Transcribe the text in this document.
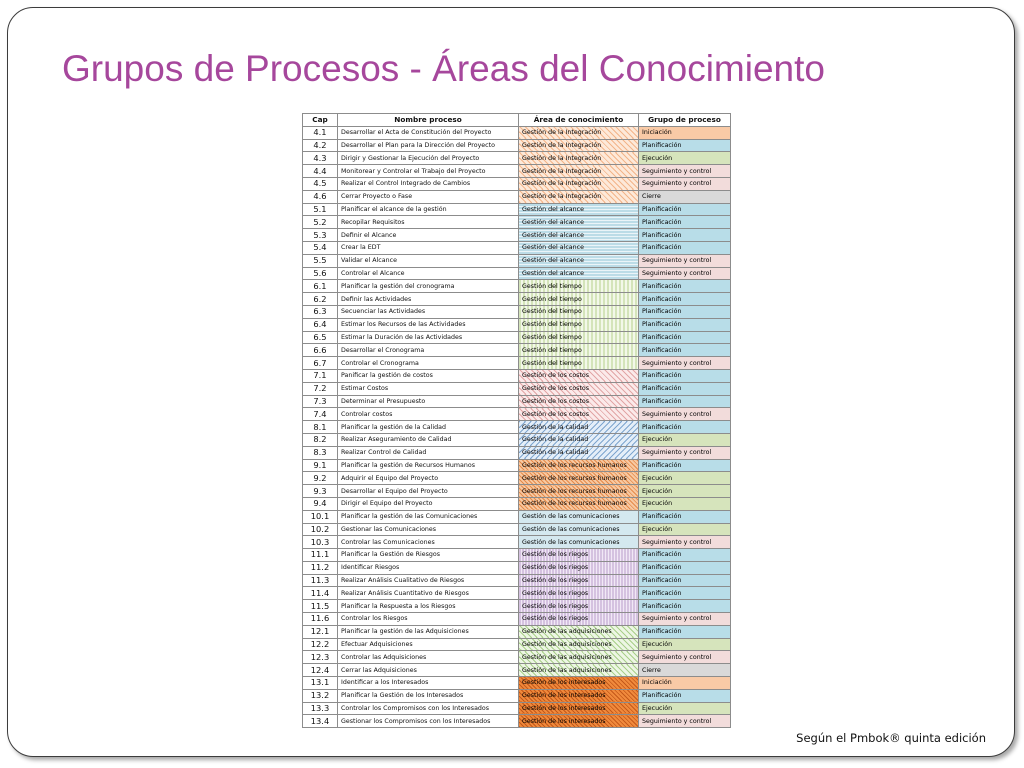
Grupos de Procesos - Áreas del Conocimiento
Cap	Nombre proceso	Área de conocimiento	Grupo de proceso
4.1	Desarrollar el Acta de Constitución del Proyecto	Gestión de la Integración	Iniciación
4.2	Desarrollar el Plan para la Dirección del Proyecto	Gestión de la Integración	Planificación
4.3	Dirigir y Gestionar la Ejecución del Proyecto	Gestión de la Integración	Ejecución
4.4	Monitorear y Controlar el Trabajo del Proyecto	Gestión de la Integración	Seguimiento y control
4.5	Realizar el Control Integrado de Cambios	Gestión de la Integración	Seguimiento y control
4.6	Cerrar Proyecto o Fase	Gestión de la Integración	Cierre
5.1	Planificar el alcance de la gestión	Gestión del alcance	Planificación
5.2	Recopilar Requisitos	Gestión del alcance	Planificación
5.3	Definir el Alcance	Gestión del alcance	Planificación
5.4	Crear la EDT	Gestión del alcance	Planificación
5.5	Validar el Alcance	Gestión del alcance	Seguimiento y control
5.6	Controlar el Alcance	Gestión del alcance	Seguimiento y control
6.1	Planificar la gestión del cronograma	Gestión del tiempo	Planificación
6.2	Definir las Actividades	Gestión del tiempo	Planificación
6.3	Secuenciar las Actividades	Gestión del tiempo	Planificación
6.4	Estimar los Recursos de las Actividades	Gestión del tiempo	Planificación
6.5	Estimar la Duración de las Actividades	Gestión del tiempo	Planificación
6.6	Desarrollar el Cronograma	Gestión del tiempo	Planificación
6.7	Controlar el Cronograma	Gestión del tiempo	Seguimiento y control
7.1	Panificar la gestión de costos	Gestión de los costos	Planificación
7.2	Estimar Costos	Gestión de los costos	Planificación
7.3	Determinar el Presupuesto	Gestión de los costos	Planificación
7.4	Controlar costos	Gestión de los costos	Seguimiento y control
8.1	Planificar la gestión de la Calidad	Gestión de la calidad	Planificación
8.2	Realizar Aseguramiento de Calidad	Gestión de la calidad	Ejecución
8.3	Realizar Control de Calidad	Gestión de la calidad	Seguimiento y control
9.1	Planificar la gestión de Recursos Humanos	Gestión de los recursos humanos	Planificación
9.2	Adquirir el Equipo del Proyecto	Gestión de los recursos humanos	Ejecución
9.3	Desarrollar el Equipo del Proyecto	Gestión de los recursos humanos	Ejecución
9.4	Dirigir el Equipo del Proyecto	Gestión de los recursos humanos	Ejecución
10.1	Planificar la gestión de las Comunicaciones	Gestión de las comunicaciones	Planificación
10.2	Gestionar las Comunicaciones	Gestión de las comunicaciones	Ejecución
10.3	Controlar las Comunicaciones	Gestión de las comunicaciones	Seguimiento y control
11.1	Planificar la Gestión de Riesgos	Gestión de los riegos	Planificación
11.2	Identificar Riesgos	Gestión de los riegos	Planificación
11.3	Realizar Análisis Cualitativo de Riesgos	Gestión de los riegos	Planificación
11.4	Realizar Análisis Cuantitativo de Riesgos	Gestión de los riegos	Planificación
11.5	Planificar la Respuesta a los Riesgos	Gestión de los riegos	Planificación
11.6	Controlar los Riesgos	Gestión de los riegos	Seguimiento y control
12.1	Planificar la gestión de las Adquisiciones	Gestión de las adquisiciones	Planificación
12.2	Efectuar Adquisiciones	Gestión de las adquisiciones	Ejecución
12.3	Controlar las Adquisiciones	Gestión de las adquisiciones	Seguimiento y control
12.4	Cerrar las Adquisiciones	Gestión de las adquisiciones	Cierre
13.1	Identificar a los Interesados	Gestión de los interesados	Iniciación
13.2	Planificar la Gestión de los Interesados	Gestión de los interesados	Planificación
13.3	Controlar los Compromisos con los Interesados	Gestión de los interesados	Ejecución
13.4	Gestionar los Compromisos con los Interesados	Gestión de los interesados	Seguimiento y control
Según el Pmbok® quinta edición
